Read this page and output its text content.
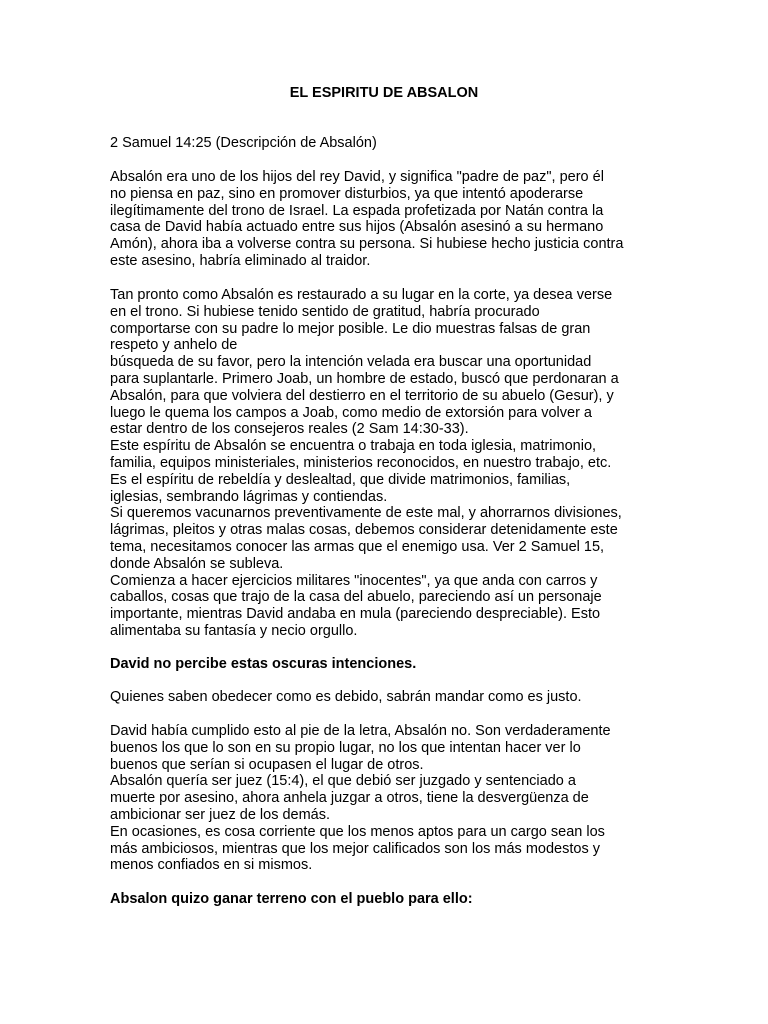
EL ESPIRITU DE ABSALON
2 Samuel 14:25 (Descripción de Absalón)
Absalón era uno de los hijos del rey David, y significa "padre de paz", pero él
no piensa en paz, sino en promover disturbios, ya que intentó apoderarse
ilegítimamente del trono de Israel. La espada profetizada por Natán contra la
casa de David había actuado entre sus hijos (Absalón asesinó a su hermano
Amón), ahora iba a volverse contra su persona. Si hubiese hecho justicia contra
este asesino, habría eliminado al traidor.
Tan pronto como Absalón es restaurado a su lugar en la corte, ya desea verse
en el trono. Si hubiese tenido sentido de gratitud, habría procurado
comportarse con su padre lo mejor posible. Le dio muestras falsas de gran
respeto y anhelo de
búsqueda de su favor, pero la intención velada era buscar una oportunidad
para suplantarle. Primero Joab, un hombre de estado, buscó que perdonaran a
Absalón, para que volviera del destierro en el territorio de su abuelo (Gesur), y
luego le quema los campos a Joab, como medio de extorsión para volver a
estar dentro de los consejeros reales (2 Sam 14:30-33).
Este espíritu de Absalón se encuentra o trabaja en toda iglesia, matrimonio,
familia, equipos ministeriales, ministerios reconocidos, en nuestro trabajo, etc.
Es el espíritu de rebeldía y deslealtad, que divide matrimonios, familias,
iglesias, sembrando lágrimas y contiendas.
Si queremos vacunarnos preventivamente de este mal, y ahorrarnos divisiones,
lágrimas, pleitos y otras malas cosas, debemos considerar detenidamente este
tema, necesitamos conocer las armas que el enemigo usa. Ver 2 Samuel 15,
donde Absalón se subleva.
Comienza a hacer ejercicios militares "inocentes", ya que anda con carros y
caballos, cosas que trajo de la casa del abuelo, pareciendo así un personaje
importante, mientras David andaba en mula (pareciendo despreciable). Esto
alimentaba su fantasía y necio orgullo.
David no percibe estas oscuras intenciones.
Quienes saben obedecer como es debido, sabrán mandar como es justo.
David había cumplido esto al pie de la letra, Absalón no. Son verdaderamente
buenos los que lo son en su propio lugar, no los que intentan hacer ver lo
buenos que serían si ocupasen el lugar de otros.
Absalón quería ser juez (15:4), el que debió ser juzgado y sentenciado a
muerte por asesino, ahora anhela juzgar a otros, tiene la desvergüenza de
ambicionar ser juez de los demás.
En ocasiones, es cosa corriente que los menos aptos para un cargo sean los
más ambiciosos, mientras que los mejor calificados son los más modestos y
menos confiados en si mismos.
Absalon quizo ganar terreno con el pueblo para ello:
